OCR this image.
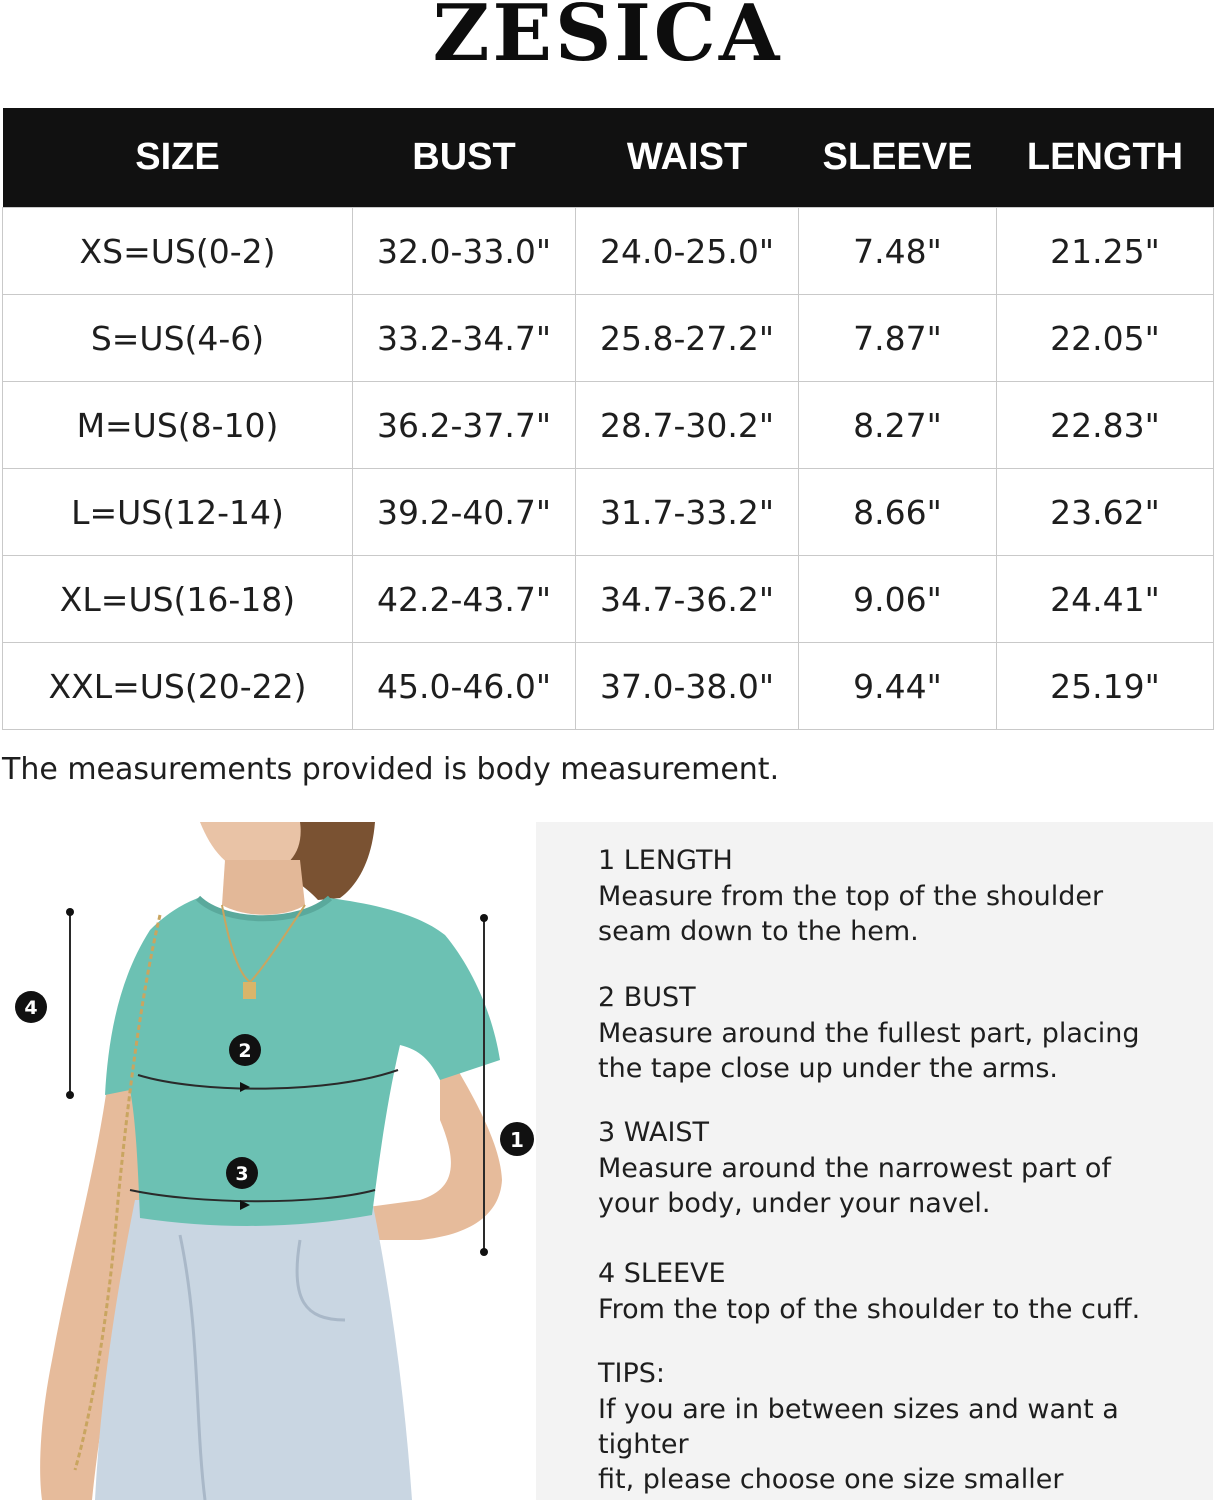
ZESICA
SIZE	BUST	WAIST	SLEEVE	LENGTH
XS=US(0-2)	32.0-33.0"	24.0-25.0"	7.48"	21.25"
S=US(4-6)	33.2-34.7"	25.8-27.2"	7.87"	22.05"
M=US(8-10)	36.2-37.7"	28.7-30.2"	8.27"	22.83"
L=US(12-14)	39.2-40.7"	31.7-33.2"	8.66"	23.62"
XL=US(16-18)	42.2-43.7"	34.7-36.2"	9.06"	24.41"
XXL=US(20-22)	45.0-46.0"	37.0-38.0"	9.44"	25.19"
The measurements provided is body measurement.
1
2
3
4
1 LENGTH
Measure from the top of the shoulder
seam down to the hem.
2 BUST
Measure around the fullest part, placing
the tape close up under the arms.
3 WAIST
Measure around the narrowest part of
your body, under your navel.
4 SLEEVE
From the top of the shoulder to the cuff.
TIPS:
If you are in between sizes and want a tighter
fit, please choose one size smaller
